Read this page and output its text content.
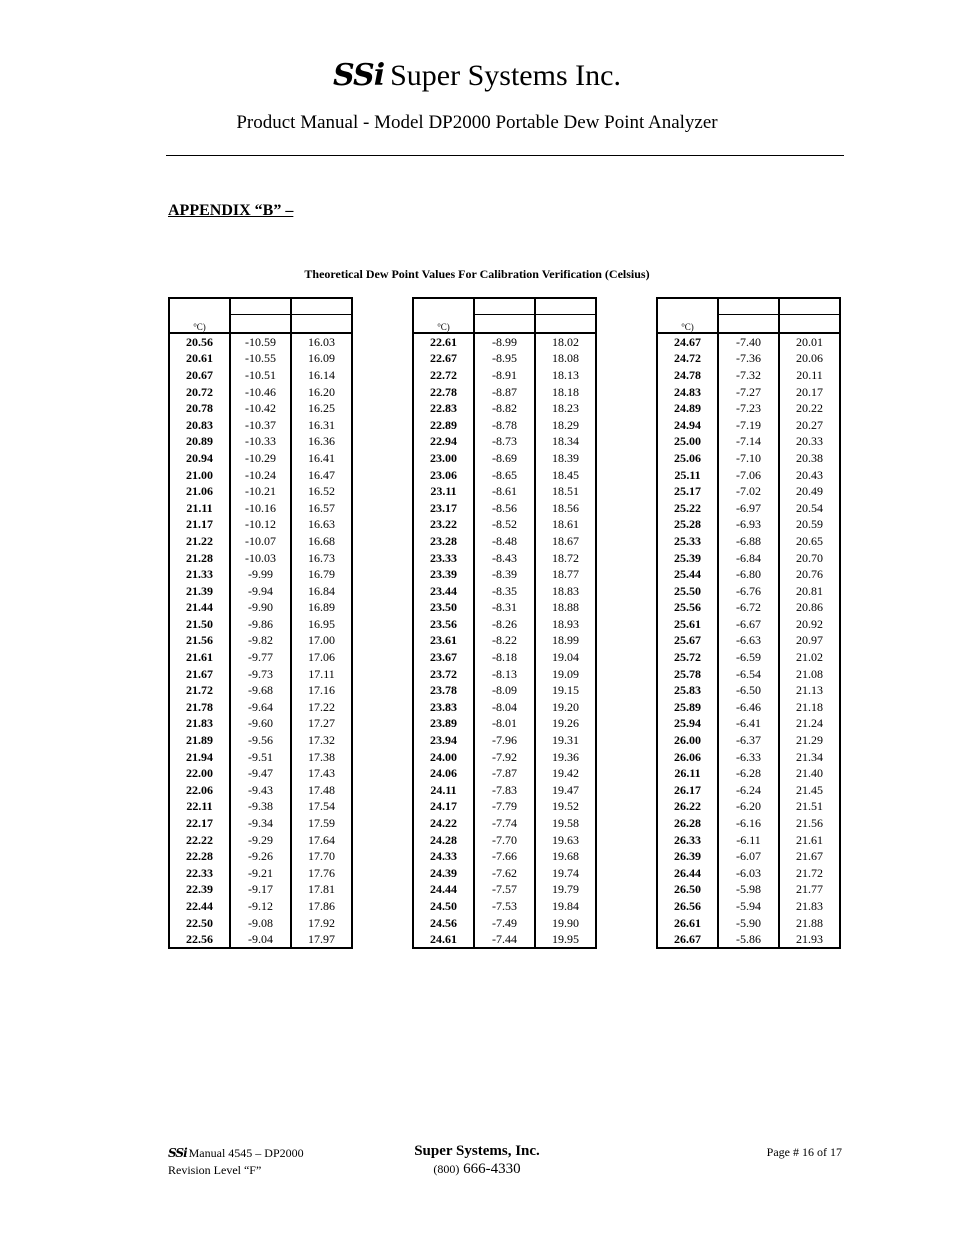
SSi Super Systems Inc.
Product Manual - Model DP2000 Portable Dew Point Analyzer
APPENDIX “B” –
Theoretical Dew Point Values For Calibration Verification (Celsius)

$_{^\circ C)}$		
20.56	-10.59	16.03
20.61	-10.55	16.09
20.67	-10.51	16.14
20.72	-10.46	16.20
20.78	-10.42	16.25
20.83	-10.37	16.31
20.89	-10.33	16.36
20.94	-10.29	16.41
21.00	-10.24	16.47
21.06	-10.21	16.52
21.11	-10.16	16.57
21.17	-10.12	16.63
21.22	-10.07	16.68
21.28	-10.03	16.73
21.33	-9.99	16.79
21.39	-9.94	16.84
21.44	-9.90	16.89
21.50	-9.86	16.95
21.56	-9.82	17.00
21.61	-9.77	17.06
21.67	-9.73	17.11
21.72	-9.68	17.16
21.78	-9.64	17.22
21.83	-9.60	17.27
21.89	-9.56	17.32
21.94	-9.51	17.38
22.00	-9.47	17.43
22.06	-9.43	17.48
22.11	-9.38	17.54
22.17	-9.34	17.59
22.22	-9.29	17.64
22.28	-9.26	17.70
22.33	-9.21	17.76
22.39	-9.17	17.81
22.44	-9.12	17.86
22.50	-9.08	17.92
22.56	-9.04	17.97

$_{^\circ C)}$		
22.61	-8.99	18.02
22.67	-8.95	18.08
22.72	-8.91	18.13
22.78	-8.87	18.18
22.83	-8.82	18.23
22.89	-8.78	18.29
22.94	-8.73	18.34
23.00	-8.69	18.39
23.06	-8.65	18.45
23.11	-8.61	18.51
23.17	-8.56	18.56
23.22	-8.52	18.61
23.28	-8.48	18.67
23.33	-8.43	18.72
23.39	-8.39	18.77
23.44	-8.35	18.83
23.50	-8.31	18.88
23.56	-8.26	18.93
23.61	-8.22	18.99
23.67	-8.18	19.04
23.72	-8.13	19.09
23.78	-8.09	19.15
23.83	-8.04	19.20
23.89	-8.01	19.26
23.94	-7.96	19.31
24.00	-7.92	19.36
24.06	-7.87	19.42
24.11	-7.83	19.47
24.17	-7.79	19.52
24.22	-7.74	19.58
24.28	-7.70	19.63
24.33	-7.66	19.68
24.39	-7.62	19.74
24.44	-7.57	19.79
24.50	-7.53	19.84
24.56	-7.49	19.90
24.61	-7.44	19.95

$_{^\circ C)}$		
24.67	-7.40	20.01
24.72	-7.36	20.06
24.78	-7.32	20.11
24.83	-7.27	20.17
24.89	-7.23	20.22
24.94	-7.19	20.27
25.00	-7.14	20.33
25.06	-7.10	20.38
25.11	-7.06	20.43
25.17	-7.02	20.49
25.22	-6.97	20.54
25.28	-6.93	20.59
25.33	-6.88	20.65
25.39	-6.84	20.70
25.44	-6.80	20.76
25.50	-6.76	20.81
25.56	-6.72	20.86
25.61	-6.67	20.92
25.67	-6.63	20.97
25.72	-6.59	21.02
25.78	-6.54	21.08
25.83	-6.50	21.13
25.89	-6.46	21.18
25.94	-6.41	21.24
26.00	-6.37	21.29
26.06	-6.33	21.34
26.11	-6.28	21.40
26.17	-6.24	21.45
26.22	-6.20	21.51
26.28	-6.16	21.56
26.33	-6.11	21.61
26.39	-6.07	21.67
26.44	-6.03	21.72
26.50	-5.98	21.77
26.56	-5.94	21.83
26.61	-5.90	21.88
26.67	-5.86	21.93
SSi Manual 4545 – DP2000
Revision Level “F”
Super Systems, Inc.
(800) 666-4330
Page # 16 of 17
